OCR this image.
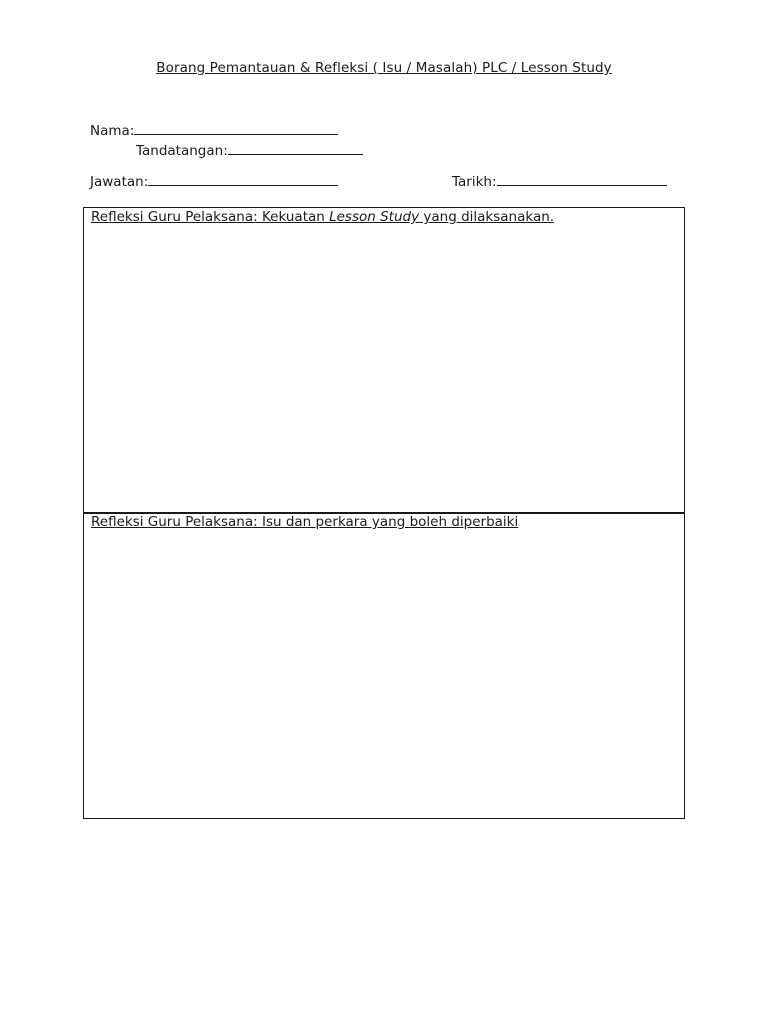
Borang Pemantauan & Refleksi ( Isu / Masalah) PLC / Lesson Study
Nama:
Tandatangan:
Jawatan:	Tarikh:
Refleksi Guru Pelaksana: Kekuatan Lesson Study yang dilaksanakan.
Refleksi Guru Pelaksana: Isu dan perkara yang boleh diperbaiki
